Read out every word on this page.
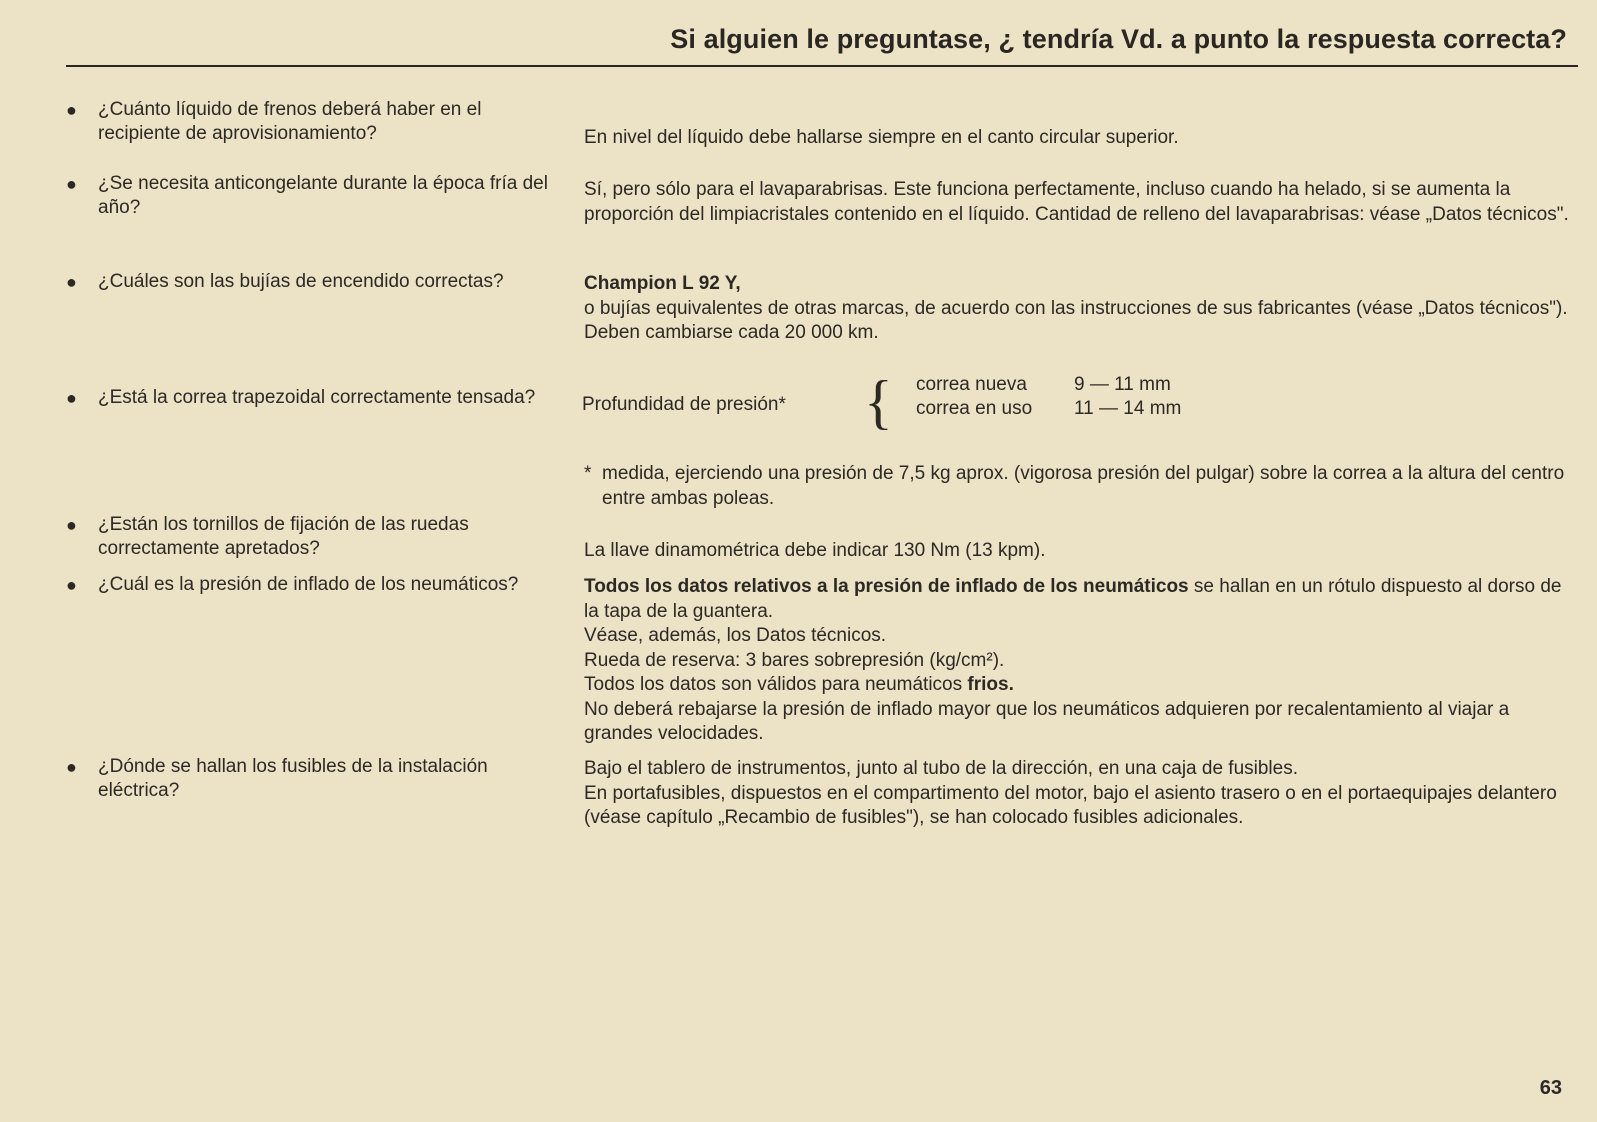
Si alguien le preguntase, ¿ tendría Vd. a punto la respuesta correcta?
● ¿Cuánto líquido de frenos deberá haber en el recipiente de aprovisionamiento?
● ¿Se necesita anticongelante durante la época fría del año?
● ¿Cuáles son las bujías de encendido correctas?
● ¿Está la correa trapezoidal correctamente tensada?
● ¿Están los tornillos de fijación de las ruedas correctamente apretados?
● ¿Cuál es la presión de inflado de los neumáticos?
● ¿Dónde se hallan los fusibles de la instalación eléctrica?
En nivel del líquido debe hallarse siempre en el canto circular superior.
Sí, pero sólo para el lavaparabrisas. Este funciona perfectamente, incluso cuando ha helado, si se aumenta la proporción del limpiacristales contenido en el líquido. Cantidad de relleno del lavaparabrisas: véase „Datos técnicos".
Champion L 92 Y,
o bujías equivalentes de otras marcas, de acuerdo con las instrucciones de sus fabricantes (véase „Datos técnicos"). Deben cambiarse cada 20 000 km.
La llave dinamométrica debe indicar 130 Nm (13 kpm).
Todos los datos relativos a la presión de inflado de los neumáticos se hallan en un rótulo dispuesto al dorso de la tapa de la guantera.
Véase, además, los Datos técnicos.
Rueda de reserva: 3 bares sobrepresión (kg/cm²).
Todos los datos son válidos para neumáticos frios.
No deberá rebajarse la presión de inflado mayor que los neumáticos adquieren por recalentamiento al viajar a grandes velocidades.
Bajo el tablero de instrumentos, junto al tubo de la dirección, en una caja de fusibles.
En portafusibles, dispuestos en el compartimento del motor, bajo el asiento trasero o en el portaequipajes delantero (véase capítulo „Recambio de fusibles"), se han colocado fusibles adicionales.
Profundidad de presión* { correa nueva 9 — 11 mm
correa en uso 11 — 14 mm
* medida, ejerciendo una presión de 7,5 kg aprox. (vigorosa presión del pulgar) sobre la correa a la altura del centro entre ambas poleas.
63
